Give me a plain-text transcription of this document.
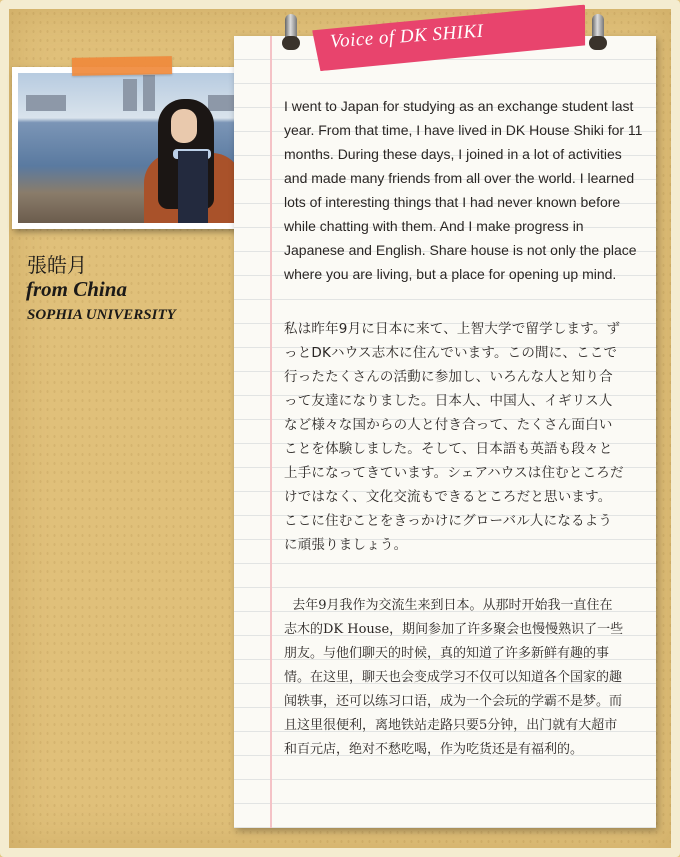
張皓月
from China
SOPHIA UNIVERSITY
Voice of DK SHIKI

I went to Japan for studying as an exchange student last year. From that time, I have lived in DK House Shiki for 11 months. During these days, I joined in a lot of activities and made many friends from all over the world. I learned lots of interesting things that I had never known before while chatting with them. And I make progress in Japanese and English. Share house is not only the place where you are living, but a place for opening up mind.

私は昨年9月に日本に来て、上智大学で留学します。ずっとDKハウス志木に住んでいます。この間に、ここで行ったたくさんの活動に参加し、いろんな人と知り合って友達になりました。日本人、中国人、イギリス人など様々な国からの人と付き合って、たくさん面白いことを体験しました。そして、日本語も英語も段々と上手になってきています。シェアハウスは住むところだけではなく、文化交流もできるところだと思います。ここに住むことをきっかけにグローバル人になるように頑張りましょう。

去年9月我作为交流生来到日本。从那时开始我一直住在志木的DK House，期间参加了许多聚会也慢慢熟识了一些朋友。与他们聊天的时候，真的知道了许多新鲜有趣的事情。在这里，聊天也会变成学习不仅可以知道各个国家的趣闻轶事，还可以练习口语，成为一个会玩的学霸不是梦。而且这里很便利，离地铁站走路只要5分钟，出门就有大超市和百元店，绝对不愁吃喝，作为吃货还是有福利的。
